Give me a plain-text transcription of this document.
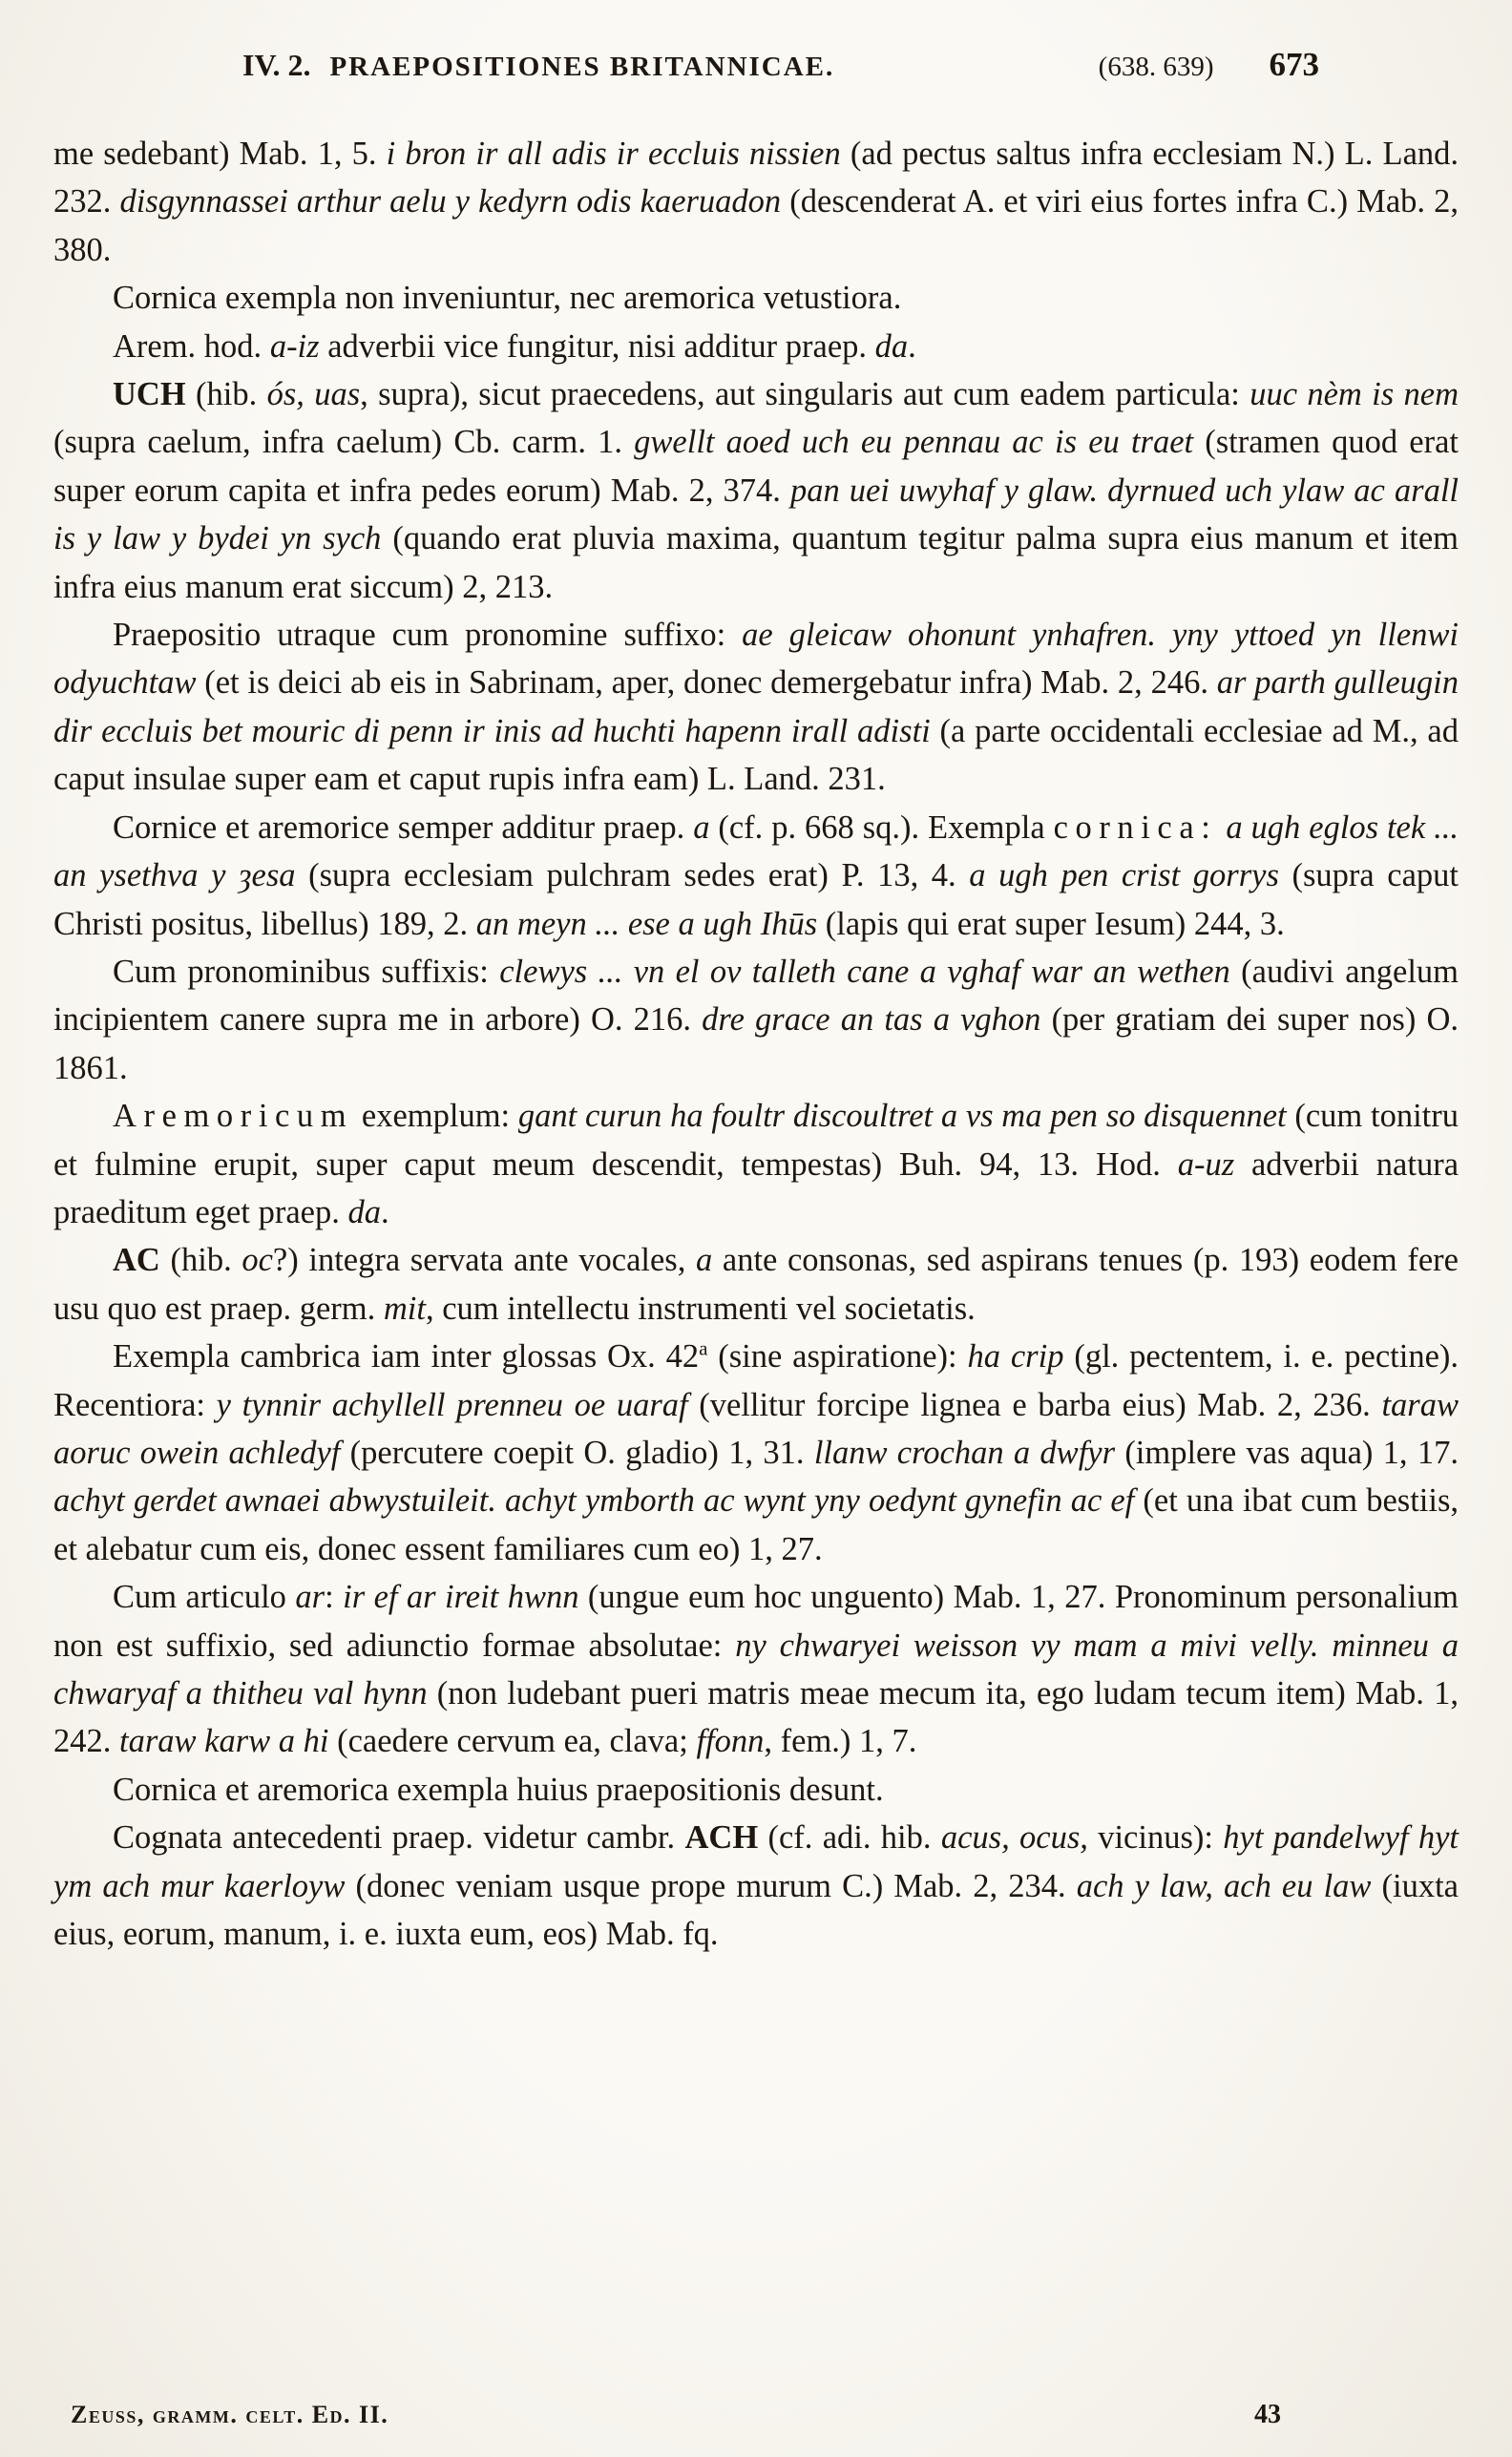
IV. 2. PRAEPOSITIONES BRITANNICAE.	(638. 639) 673

me sedebant) Mab. 1, 5. i bron ir all adis ir eccluis nissien (ad pectus saltus infra ecclesiam N.) L. Land. 232. disgynnassei arthur aelu y kedyrn odis kaeruadon (descenderat A. et viri eius fortes infra C.) Mab. 2, 380.

Cornica exempla non inveniuntur, nec aremorica vetustiora.

Arem. hod. a-iz adverbii vice fungitur, nisi additur praep. da.

UCH (hib. ós, uas, supra), sicut praecedens, aut singularis aut cum eadem particula: uuc nèm is nem (supra caelum, infra caelum) Cb. carm. 1. gwellt aoed uch eu pennau ac is eu traet (stramen quod erat super eorum capita et infra pedes eorum) Mab. 2, 374. pan uei uwyhaf y glaw. dyrnued uch ylaw ac arall is y law y bydei yn sych (quando erat pluvia maxima, quantum tegitur palma supra eius manum et item infra eius manum erat siccum) 2, 213.

Praepositio utraque cum pronomine suffixo: ae gleicaw ohonunt ynhafren. yny yttoed yn llenwi odyuchtaw (et is deici ab eis in Sabrinam, aper, donec demergebatur infra) Mab. 2, 246. ar parth gulleugin dir eccluis bet mouric di penn ir inis ad huchti hapenn irall adisti (a parte occidentali ecclesiae ad M., ad caput insulae super eam et caput rupis infra eam) L. Land. 231.

Cornice et aremorice semper additur praep. a (cf. p. 668 sq.). Exempla cornica: a ugh eglos tek ... an ysethva y ȝesa (supra ecclesiam pulchram sedes erat) P. 13, 4. a ugh pen crist gorrys (supra caput Christi positus, libellus) 189, 2. an meyn ... ese a ugh Ihūs (lapis qui erat super Iesum) 244, 3.

Cum pronominibus suffixis: clewys ... vn el ov talleth cane a vghaf war an wethen (audivi angelum incipientem canere supra me in arbore) O. 216. dre grace an tas a vghon (per gratiam dei super nos) O. 1861.

Aremoricum exemplum: gant curun ha foultr discoultret a vs ma pen so disquennet (cum tonitru et fulmine erupit, super caput meum descendit, tempestas) Buh. 94, 13. Hod. a-uz adverbii natura praeditum eget praep. da.

AC (hib. oc?) integra servata ante vocales, a ante consonas, sed aspirans tenues (p. 193) eodem fere usu quo est praep. germ. mit, cum intellectu instrumenti vel societatis.

Exempla cambrica iam inter glossas Ox. 42$^a$ (sine aspiratione): ha crip (gl. pectentem, i. e. pectine). Recentiora: y tynnir achyllell prenneu oe uaraf (vellitur forcipe lignea e barba eius) Mab. 2, 236. taraw aoruc owein achledyf (percutere coepit O. gladio) 1, 31. llanw crochan a dwfyr (implere vas aqua) 1, 17. achyt gerdet awnaei abwystuileit. achyt ymborth ac wynt yny oedynt gynefin ac ef (et una ibat cum bestiis, et alebatur cum eis, donec essent familiares cum eo) 1, 27.

Cum articulo ar: ir ef ar ireit hwnn (ungue eum hoc unguento) Mab. 1, 27. Pronominum personalium non est suffixio, sed adiunctio formae absolutae: ny chwaryei weisson vy mam a mivi velly. minneu a chwaryaf a thitheu val hynn (non ludebant pueri matris meae mecum ita, ego ludam tecum item) Mab. 1, 242. taraw karw a hi (caedere cervum ea, clava; ffonn, fem.) 1, 7.

Cornica et aremorica exempla huius praepositionis desunt.

Cognata antecedenti praep. videtur cambr. ACH (cf. adi. hib. acus, ocus, vicinus): hyt pandelwyf hyt ym ach mur kaerloyw (donec veniam usque prope murum C.) Mab. 2, 234. ach y law, ach eu law (iuxta eius, eorum, manum, i. e. iuxta eum, eos) Mab. fq.

Zeuss, gramm. celt. Ed. II.	43
